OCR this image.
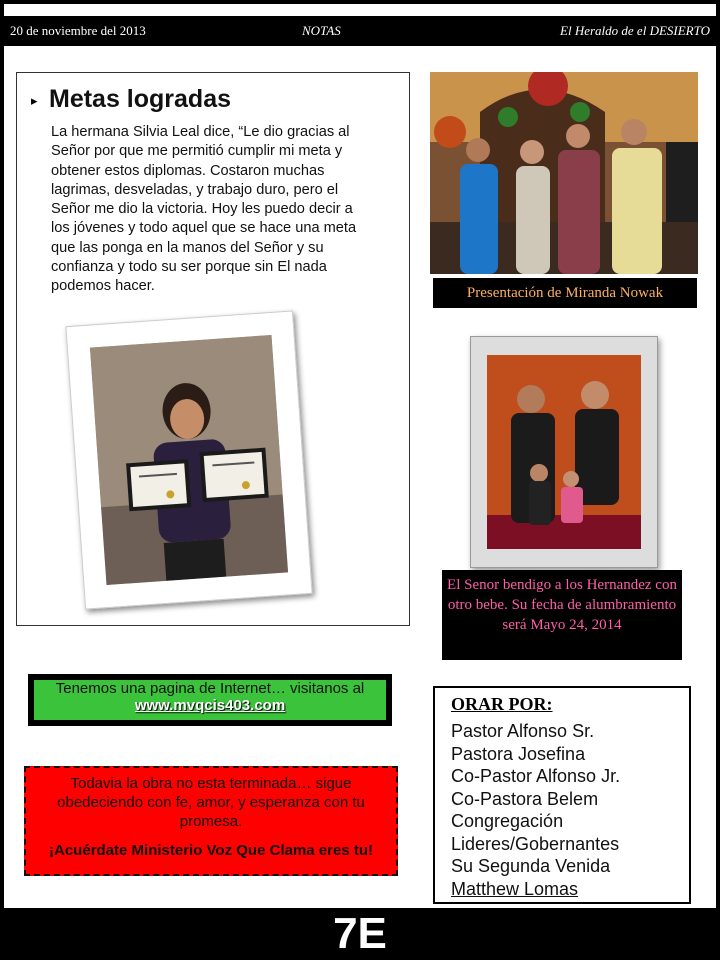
20 de noviembre del 2013	NOTAS	El Heraldo de el DESIERTO
▸ Metas logradas
La hermana Silvia Leal dice, “Le dio gracias al Señor por que me permitió cumplir mi meta y obtener estos diplomas. Costaron muchas lagrimas, desveladas, y trabajo duro, pero el Señor me dio la victoria. Hoy les puedo decir a los jóvenes y todo aquel que se hace una meta que las ponga en la manos del Señor y su confianza y todo su ser porque sin El nada podemos hacer.	Presentación de Miranda Nowak
El Senor bendigo a los Hernandez con otro bebe. Su fecha de alumbramiento será Mayo 24, 2014
Tenemos una pagina de Internet… visitanos al
www.mvqcis403.com
Todavia la obra no esta terminada… sigue obedeciendo con fe, amor, y esperanza con tu promesa.
¡Acuérdate Ministerio Voz Que Clama eres tu!
ORAR POR:
Pastor Alfonso Sr.
Pastora Josefina
Co-Pastor Alfonso Jr.
Co-Pastora Belem
Congregación
Lideres/Gobernantes
Su Segunda Venida
Matthew Lomas
7E
